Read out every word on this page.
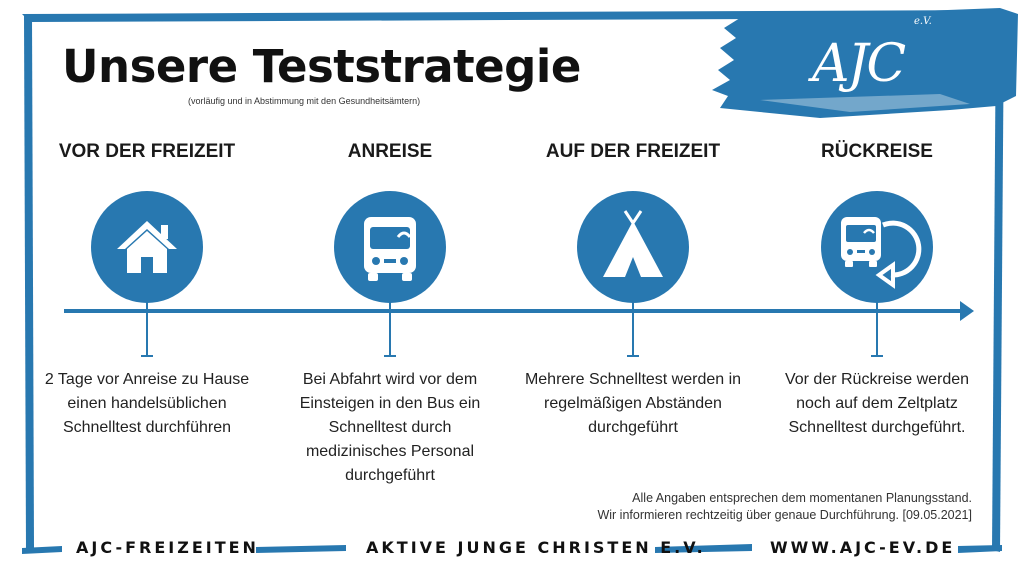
AJC
e.V.
Unsere Teststrategie
(vorläufig und in Abstimmung mit den Gesundheitsämtern)
VOR DER FREIZEIT

2 Tage vor Anreise zu Hause einen handelsüblichen Schnelltest durchführen

ANREISE

Bei Abfahrt wird vor dem Einsteigen in den Bus ein Schnelltest durch medizinisches Personal durchgeführt

AUF DER FREIZEIT

Mehrere Schnelltest werden in regelmäßigen Abständen durchgeführt

RÜCKREISE

Vor der Rückreise werden noch auf dem Zeltplatz Schnelltest durchgeführt.

Alle Angaben entsprechen dem momentanen Planungsstand.
Wir informieren rechtzeitig über genaue Durchführung. [09.05.2021]
AJC-FREIZEITEN	AKTIVE JUNGE CHRISTEN E.V.	WWW.AJC-EV.DE
